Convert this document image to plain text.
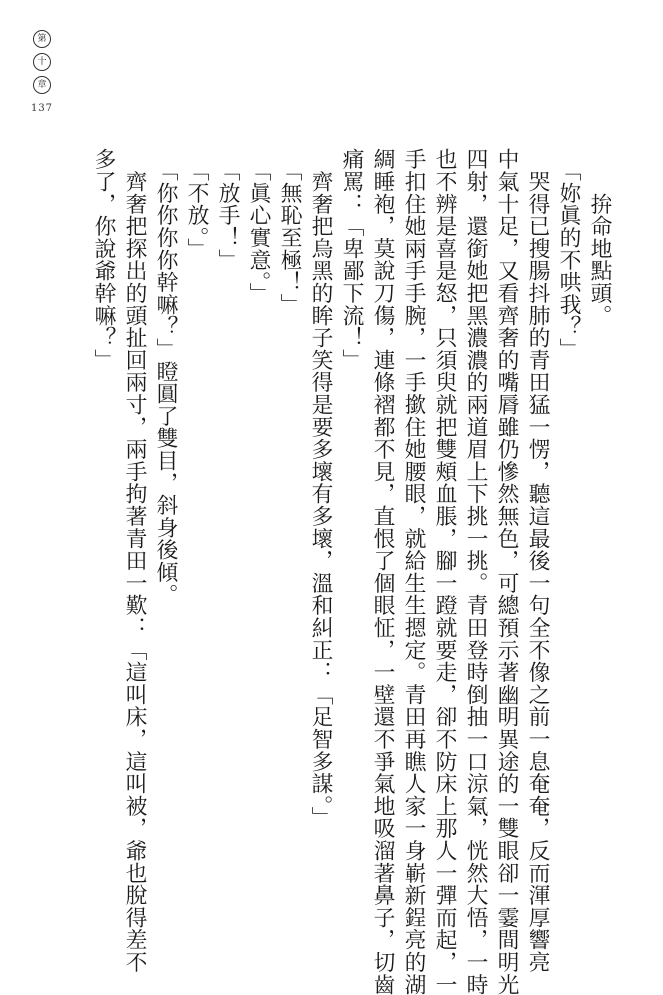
第
十
章
137
　　拚命地點頭。
　「妳眞的不哄我？」
　哭得已搜腸抖肺的青田猛一愣，聽這最後一句全不像之前一息奄奄，反而渾厚響亮
中氣十足，又看齊奢的嘴脣雖仍慘然無色，可總預示著幽明異途的一雙眼卻一霎間明光
四射，還銜她把黑濃濃的兩道眉上下挑一挑。青田登時倒抽一口涼氣，恍然大悟，一時
也不辨是喜是怒，只須臾就把雙頰血脹，腳一蹬就要走，卻不防床上那人一彈而起，一
手扣住她兩手手腕，一手撳住她腰眼，就給生生摁定。青田再瞧人家一身嶄新鋥亮的湖
綢睡袍，莫說刀傷，連條褶都不見，直恨了個眼怔，一壁還不爭氣地吸溜著鼻子，切齒
痛罵：「卑鄙下流！」
　齊奢把烏黑的眸子笑得是要多壞有多壞，溫和糾正：「足智多謀。」
　「無恥至極！」
　「眞心實意。」
　「放手！」
　「不放。」
　「你你你你幹嘛？」瞪圓了雙目，斜身後傾。
　齊奢把探出的頭扯回兩寸，兩手拘著青田一歎：「這叫床，這叫被，爺也脫得差不
多了，你說爺幹嘛？」
